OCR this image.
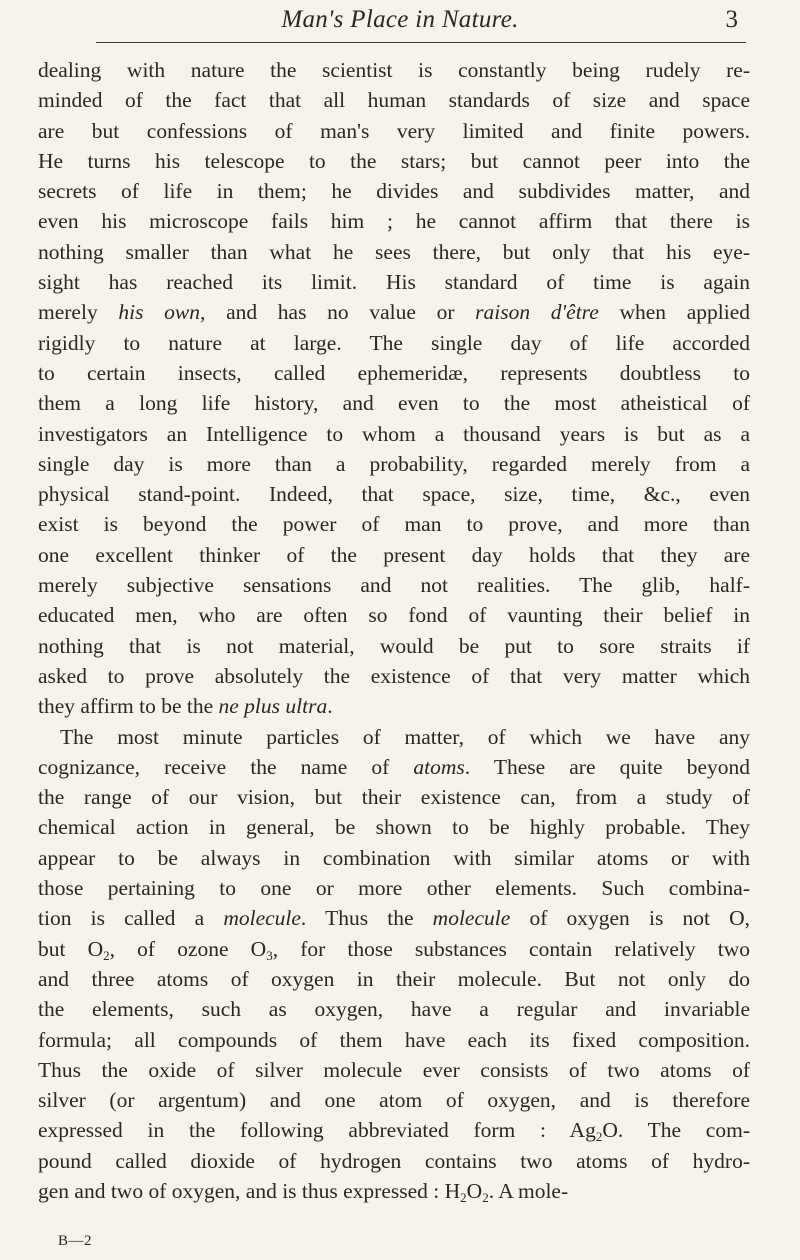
Man's Place in Nature.	3
dealing with nature the scientist is constantly being rudely re-
minded of the fact that all human standards of size and space
are but confessions of man's very limited and finite powers.
He turns his telescope to the stars; but cannot peer into the
secrets of life in them; he divides and subdivides matter, and
even his microscope fails him ; he cannot affirm that there is
nothing smaller than what he sees there, but only that his eye-
sight has reached its limit. His standard of time is again
merely his own, and has no value or raison d'être when applied
rigidly to nature at large. The single day of life accorded
to certain insects, called ephemeridæ, represents doubtless to
them a long life history, and even to the most atheistical of
investigators an Intelligence to whom a thousand years is but as a
single day is more than a probability, regarded merely from a
physical stand-point. Indeed, that space, size, time, &c., even
exist is beyond the power of man to prove, and more than
one excellent thinker of the present day holds that they are
merely subjective sensations and not realities. The glib, half-
educated men, who are often so fond of vaunting their belief in
nothing that is not material, would be put to sore straits if
asked to prove absolutely the existence of that very matter which
they affirm to be the ne plus ultra.
The most minute particles of matter, of which we have any
cognizance, receive the name of atoms. These are quite beyond
the range of our vision, but their existence can, from a study of
chemical action in general, be shown to be highly probable. They
appear to be always in combination with similar atoms or with
those pertaining to one or more other elements. Such combina-
tion is called a molecule. Thus the molecule of oxygen is not O,
but $O_2$, of ozone $O_3$, for those substances contain relatively two
and three atoms of oxygen in their molecule. But not only do
the elements, such as oxygen, have a regular and invariable
formula; all compounds of them have each its fixed composition.
Thus the oxide of silver molecule ever consists of two atoms of
silver (or argentum) and one atom of oxygen, and is therefore
expressed in the following abbreviated form : $Ag_2O$. The com-
pound called dioxide of hydrogen contains two atoms of hydro-
gen and two of oxygen, and is thus expressed : $H_2O_2$. A mole-
B—2
